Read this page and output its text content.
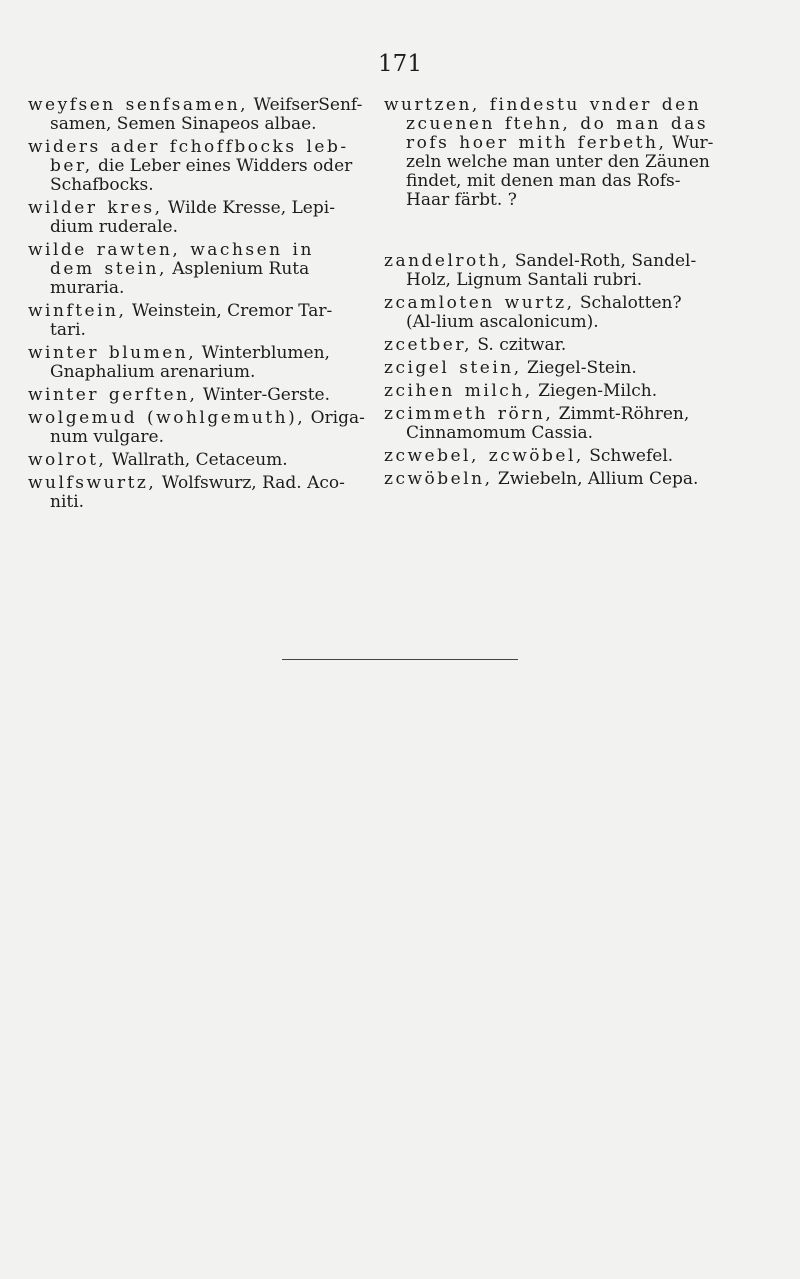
171

weyfsen senfsamen, WeifserSenf-samen, Semen Sinapeos albae.

widers ader fchoffbocks leb-ber, die Leber eines Widders oder Schafbocks.

wilder kres, Wilde Kresse, Lepi-dium ruderale.

wilde rawten, wachsen in dem stein, Asplenium Ruta muraria.

winftein, Weinstein, Cremor Tar-tari.

winter blumen, Winterblumen, Gnaphalium arenarium.

winter gerften, Winter-Gerste.

wolgemud (wohlgemuth), Origa-num vulgare.

wolrot, Wallrath, Cetaceum.

wulfswurtz, Wolfswurz, Rad. Aco-niti.

wurtzen, findestu vnder den zcuenen ftehn, do man das rofs hoer mith ferbeth, Wur-zeln welche man unter den Zäunen findet, mit denen man das Rofs-Haar färbt. ?

zandelroth, Sandel-Roth, Sandel-Holz, Lignum Santali rubri.

zcamloten wurtz, Schalotten? (Al-lium ascalonicum).

zcetber, S. czitwar.

zcigel stein, Ziegel-Stein.

zcihen milch, Ziegen-Milch.

zcimmeth rörn, Zimmt-Röhren, Cinnamomum Cassia.

zcwebel, zcwöbel, Schwefel.

zcwöbeln, Zwiebeln, Allium Cepa.
